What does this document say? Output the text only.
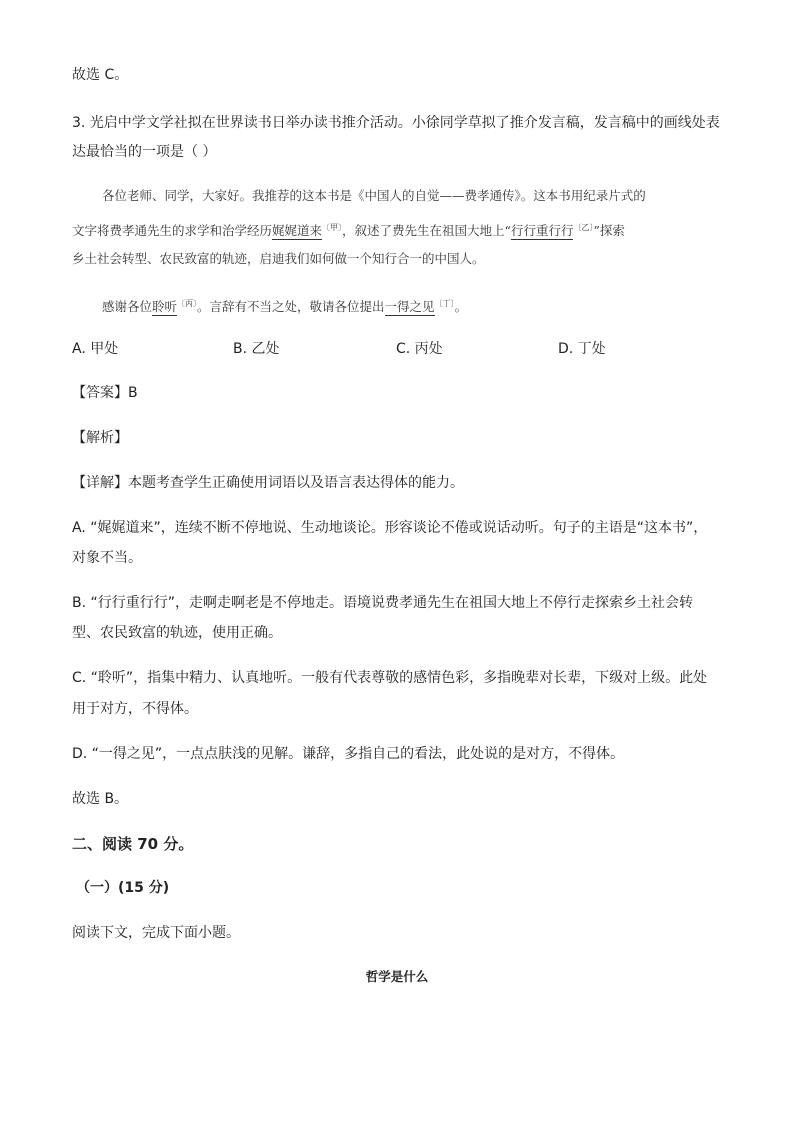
故选 C。
3. 光启中学文学社拟在世界读书日举办读书推介活动。小徐同学草拟了推介发言稿，发言稿中的画线处表
达最恰当的一项是（ ）
各位老师、同学，大家好。我推荐的这本书是《中国人的自觉——费孝通传》。这本书用纪录片式的
文字将费孝通先生的求学和治学经历娓娓道来$^{〔甲〕}$，叙述了费先生在祖国大地上“行行重行行$^{〔乙〕}$”探索
乡土社会转型、农民致富的轨迹，启迪我们如何做一个知行合一的中国人。
感谢各位聆听$^{〔丙〕}$。言辞有不当之处，敬请各位提出一得之见$^{〔丁〕}$。
A. 甲处	B. 乙处	C. 丙处	D. 丁处
【答案】B
【解析】
【详解】本题考查学生正确使用词语以及语言表达得体的能力。
A. “娓娓道来”，连续不断不停地说、生动地谈论。形容谈论不倦或说话动听。句子的主语是“这本书”，
对象不当。
B. “行行重行行”，走啊走啊老是不停地走。语境说费孝通先生在祖国大地上不停行走探索乡土社会转
型、农民致富的轨迹，使用正确。
C. “聆听”，指集中精力、认真地听。一般有代表尊敬的感情色彩，多指晚辈对长辈，下级对上级。此处
用于对方，不得体。
D. “一得之见”，一点点肤浅的见解。谦辞，多指自己的看法，此处说的是对方，不得体。
故选 B。
二、阅读 70 分。
（一）(15 分)
阅读下文，完成下面小题。
哲学是什么
